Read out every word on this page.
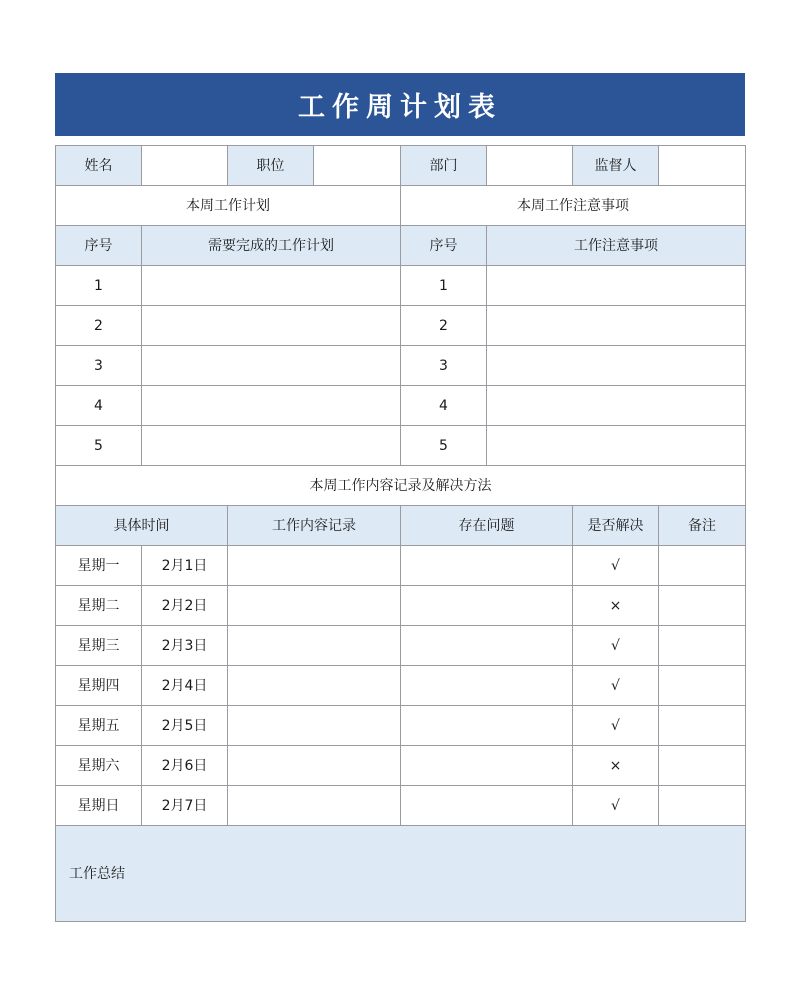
工作周计划表
姓名		职位		部门		监督人	
本周工作计划				本周工作注意事项			
序号	需要完成的工作计划			序号	工作注意事项		
1				1			
2				2			
3				3			
4				4			
5				5			
本周工作内容记录及解决方法							
具体时间		工作内容记录		存在问题		是否解决	备注
星期一	2月1日					√	
星期二	2月2日					×	
星期三	2月3日					√	
星期四	2月4日					√	
星期五	2月5日					√	
星期六	2月6日					×	
星期日	2月7日					√	
工作总结							
